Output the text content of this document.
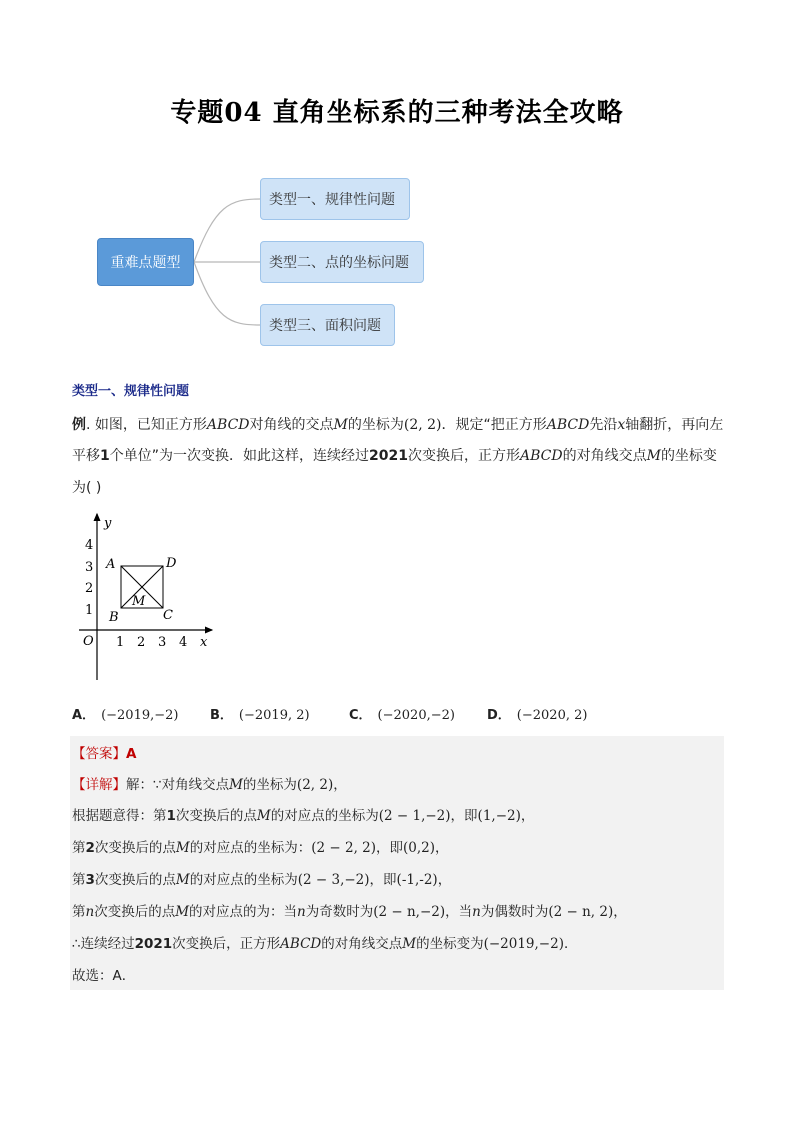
专题04 直角坐标系的三种考法全攻略
重难点题型
类型一、规律性问题
类型二、点的坐标问题
类型三、面积问题
类型一、规律性问题
例. 如图，已知正方形ABCD对角线的交点M的坐标为(2, 2)．规定“把正方形ABCD先沿x轴翻折，再向左
平移1个单位”为一次变换．如此这样，连续经过2021次变换后，正方形ABCD的对角线交点M的坐标变
为( )
y
x
O
4
3
2
1
1 2 3 4
A	D
B	C
M
A． (−2019,−2) B． (−2019, 2)	C． (−2020,−2) D． (−2020, 2)
【答案】A
【详解】解：∵对角线交点M的坐标为(2, 2)，
根据题意得：第1次变换后的点M的对应点的坐标为(2 − 1,−2)，即(1,−2)，
第2次变换后的点M的对应点的坐标为：(2 − 2, 2)，即(0,2)，
第3次变换后的点M的对应点的坐标为(2 − 3,−2)，即(-1,-2)，
第n次变换后的点M的对应点的为：当n为奇数时为(2 − n,−2)，当n为偶数时为(2 − n, 2)，
∴连续经过2021次变换后，正方形ABCD的对角线交点M的坐标变为(−2019,−2)．
故选：A．
